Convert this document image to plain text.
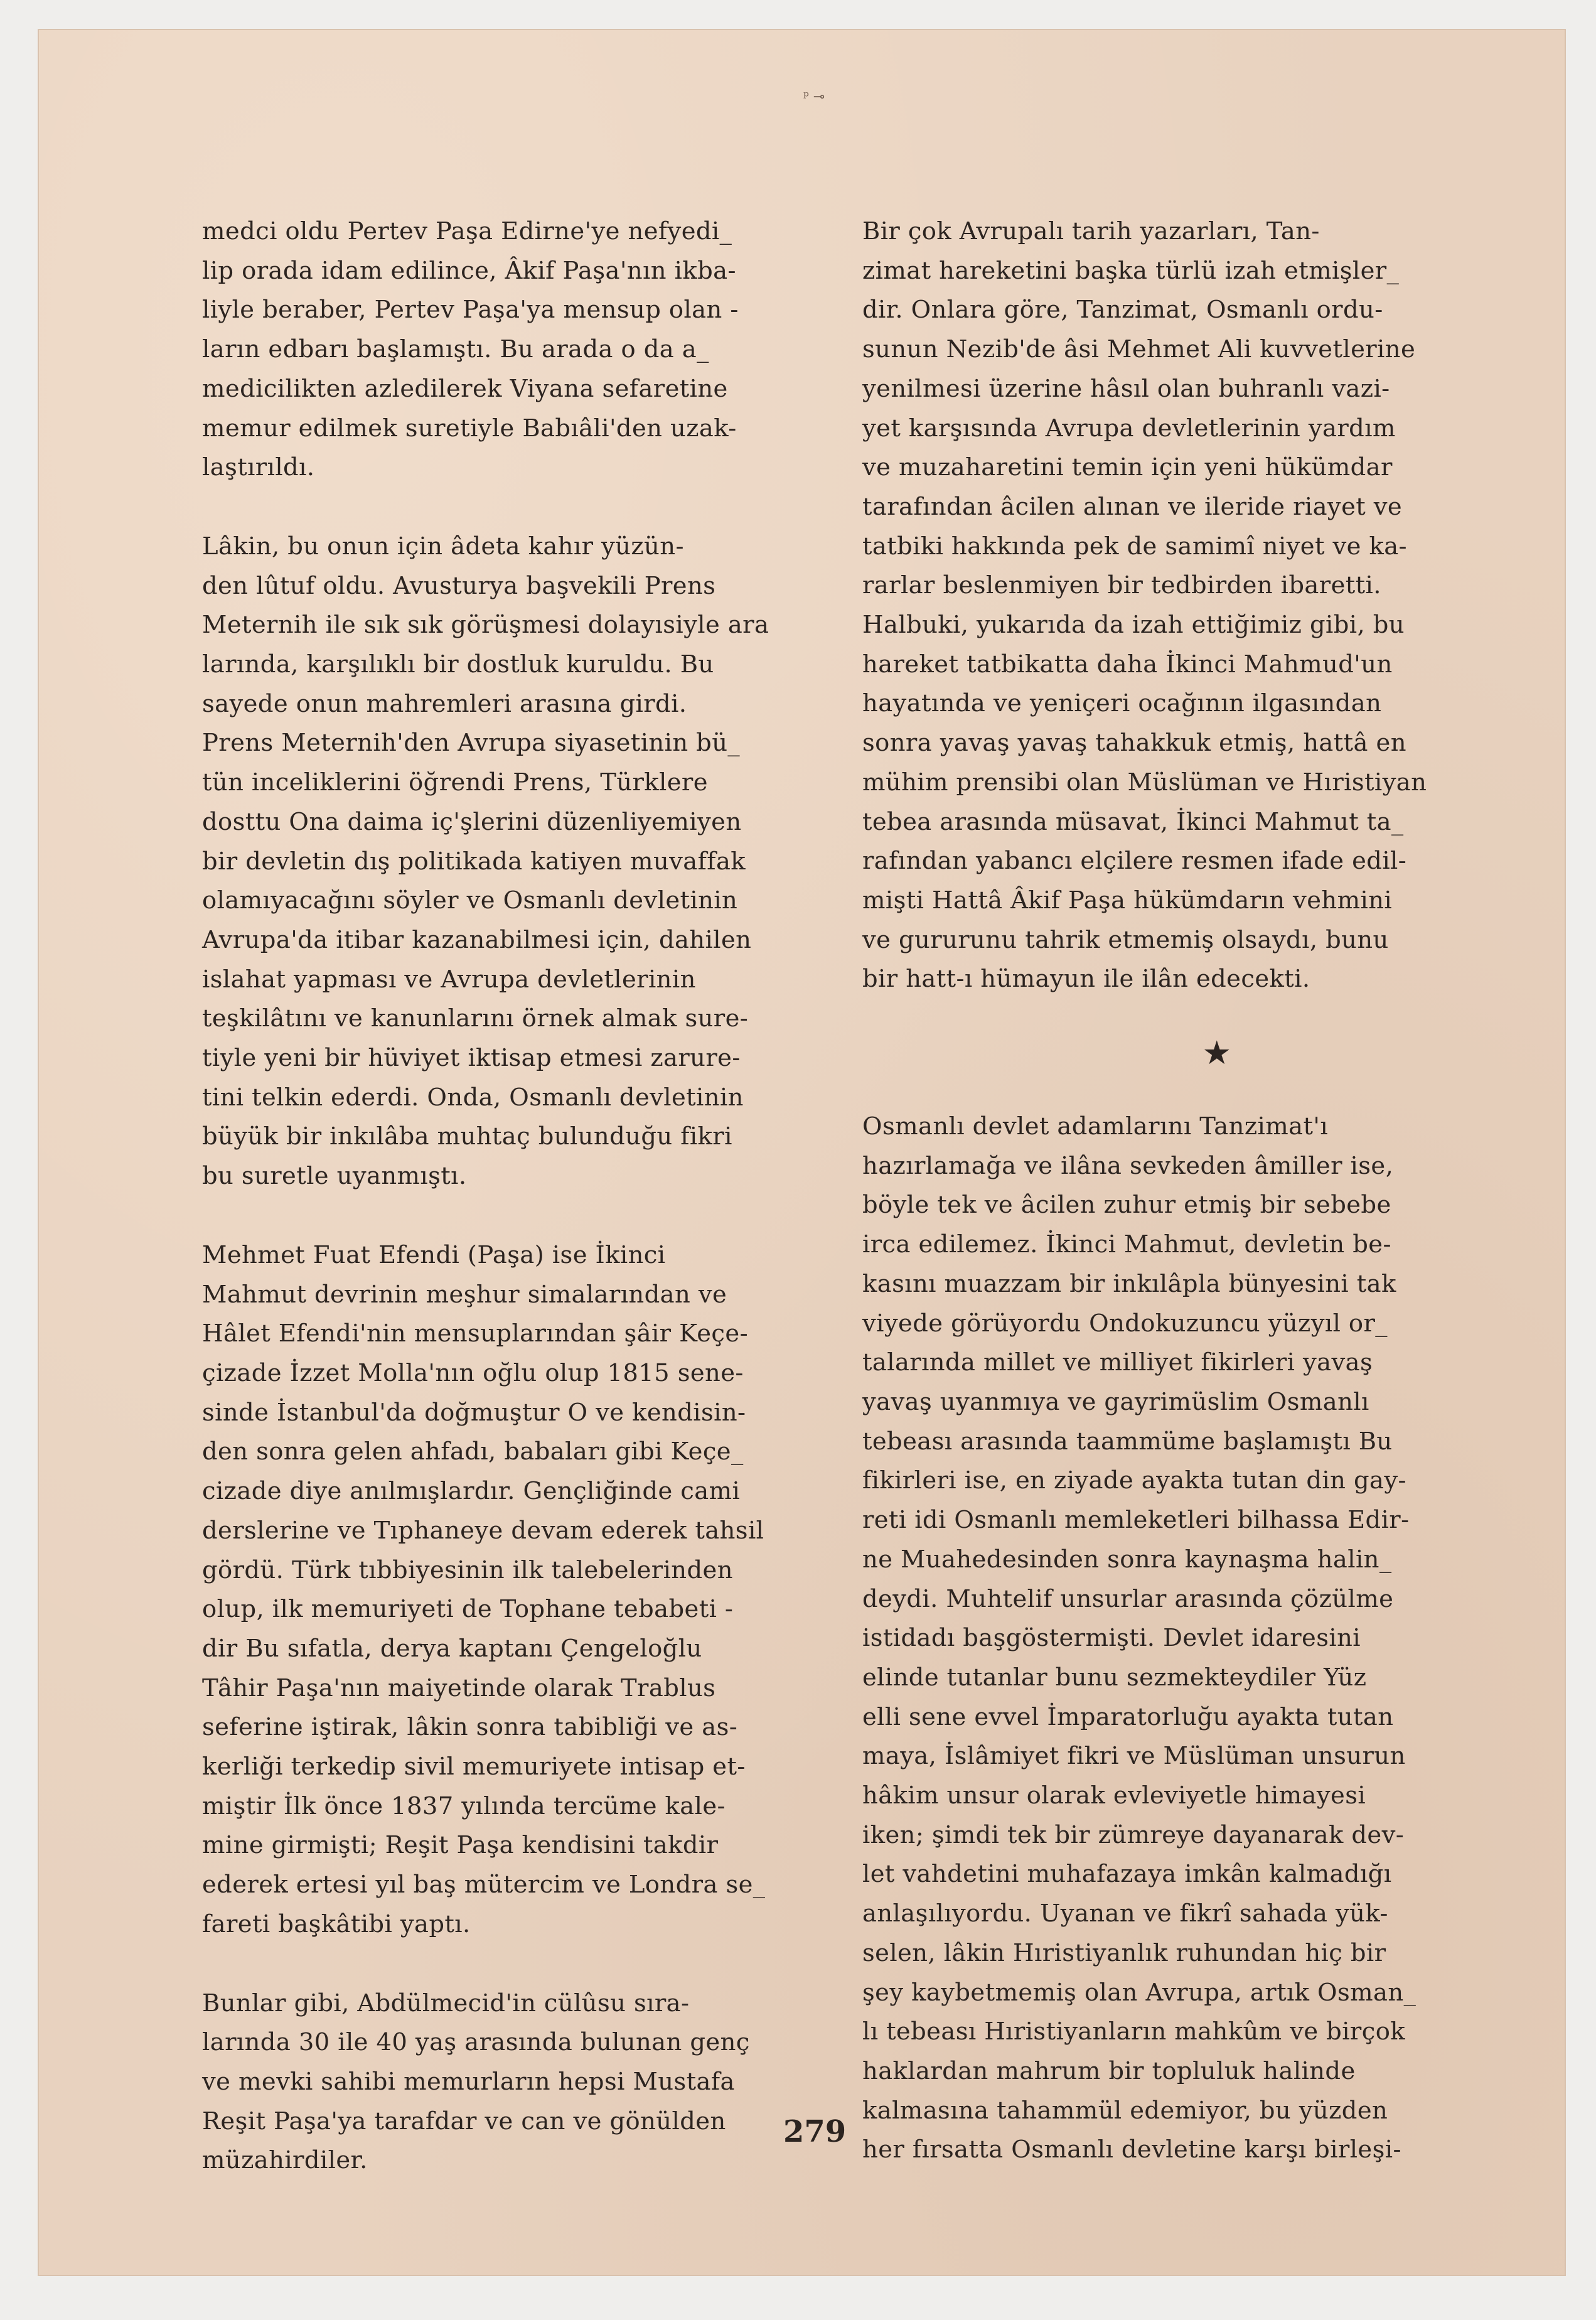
ᵖ ⊸

medci oldu Pertev Paşa Edirne'ye nefyedi_
lip orada idam edilince, Âkif Paşa'nın ikba-
liyle beraber, Pertev Paşa'ya mensup olan -
ların edbarı başlamıştı. Bu arada o da a_
medicilikten azledilerek Viyana sefaretine
memur edilmek suretiyle Babıâli'den uzak-
laştırıldı.

Lâkin, bu onun için âdeta kahır yüzün-
den lûtuf oldu. Avusturya başvekili Prens
Meternih ile sık sık görüşmesi dolayısiyle ara
larında, karşılıklı bir dostluk kuruldu. Bu
sayede onun mahremleri arasına girdi.
Prens Meternih'den Avrupa siyasetinin bü_
tün inceliklerini öğrendi Prens, Türklere
dosttu Ona daima iç'şlerini düzenliyemiyen
bir devletin dış politikada katiyen muvaffak
olamıyacağını söyler ve Osmanlı devletinin
Avrupa'da itibar kazanabilmesi için, dahilen
islahat yapması ve Avrupa devletlerinin
teşkilâtını ve kanunlarını örnek almak sure-
tiyle yeni bir hüviyet iktisap etmesi zarure-
tini telkin ederdi. Onda, Osmanlı devletinin
büyük bir inkılâba muhtaç bulunduğu fikri
bu suretle uyanmıştı.

Mehmet Fuat Efendi (Paşa) ise İkinci
Mahmut devrinin meşhur simalarından ve
Hâlet Efendi'nin mensuplarından şâir Keçe-
çizade İzzet Molla'nın oğlu olup 1815 sene-
sinde İstanbul'da doğmuştur O ve kendisin-
den sonra gelen ahfadı, babaları gibi Keçe_
cizade diye anılmışlardır. Gençliğinde cami
derslerine ve Tıphaneye devam ederek tahsil
gördü. Türk tıbbiyesinin ilk talebelerinden
olup, ilk memuriyeti de Tophane tebabeti -
dir Bu sıfatla, derya kaptanı Çengeloğlu
Tâhir Paşa'nın maiyetinde olarak Trablus
seferine iştirak, lâkin sonra tabibliği ve as-
kerliği terkedip sivil memuriyete intisap et-
miştir İlk önce 1837 yılında tercüme kale-
mine girmişti; Reşit Paşa kendisini takdir
ederek ertesi yıl baş mütercim ve Londra se_
fareti başkâtibi yaptı.

Bunlar gibi, Abdülmecid'in cülûsu sıra-
larında 30 ile 40 yaş arasında bulunan genç
ve mevki sahibi memurların hepsi Mustafa
Reşit Paşa'ya tarafdar ve can ve gönülden
müzahirdiler.

Bir çok Avrupalı tarih yazarları, Tan-
zimat hareketini başka türlü izah etmişler_
dir. Onlara göre, Tanzimat, Osmanlı ordu-
sunun Nezib'de âsi Mehmet Ali kuvvetlerine
yenilmesi üzerine hâsıl olan buhranlı vazi-
yet karşısında Avrupa devletlerinin yardım
ve muzaharetini temin için yeni hükümdar
tarafından âcilen alınan ve ileride riayet ve
tatbiki hakkında pek de samimî niyet ve ka-
rarlar beslenmiyen bir tedbirden ibaretti.
Halbuki, yukarıda da izah ettiğimiz gibi, bu
hareket tatbikatta daha İkinci Mahmud'un
hayatında ve yeniçeri ocağının ilgasından
sonra yavaş yavaş tahakkuk etmiş, hattâ en
mühim prensibi olan Müslüman ve Hıristiyan
tebea arasında müsavat, İkinci Mahmut ta_
rafından yabancı elçilere resmen ifade edil-
mişti Hattâ Âkif Paşa hükümdarın vehmini
ve gururunu tahrik etmemiş olsaydı, bunu
bir hatt-ı hümayun ile ilân edecekti.

★

Osmanlı devlet adamlarını Tanzimat'ı
hazırlamağa ve ilâna sevkeden âmiller ise,
böyle tek ve âcilen zuhur etmiş bir sebebe
irca edilemez. İkinci Mahmut, devletin be-
kasını muazzam bir inkılâpla bünyesini tak
viyede görüyordu Ondokuzuncu yüzyıl or_
talarında millet ve milliyet fikirleri yavaş
yavaş uyanmıya ve gayrimüslim Osmanlı
tebeası arasında taammüme başlamıştı Bu
fikirleri ise, en ziyade ayakta tutan din gay-
reti idi Osmanlı memleketleri bilhassa Edir-
ne Muahedesinden sonra kaynaşma halin_
deydi. Muhtelif unsurlar arasında çözülme
istidadı başgöstermişti. Devlet idaresini
elinde tutanlar bunu sezmekteydiler Yüz
elli sene evvel İmparatorluğu ayakta tutan
maya, İslâmiyet fikri ve Müslüman unsurun
hâkim unsur olarak evleviyetle himayesi
iken; şimdi tek bir zümreye dayanarak dev-
let vahdetini muhafazaya imkân kalmadığı
anlaşılıyordu. Uyanan ve fikrî sahada yük-
selen, lâkin Hıristiyanlık ruhundan hiç bir
şey kaybetmemiş olan Avrupa, artık Osman_
lı tebeası Hıristiyanların mahkûm ve birçok
haklardan mahrum bir topluluk halinde
kalmasına tahammül edemiyor, bu yüzden
her fırsatta Osmanlı devletine karşı birleşi-

279
